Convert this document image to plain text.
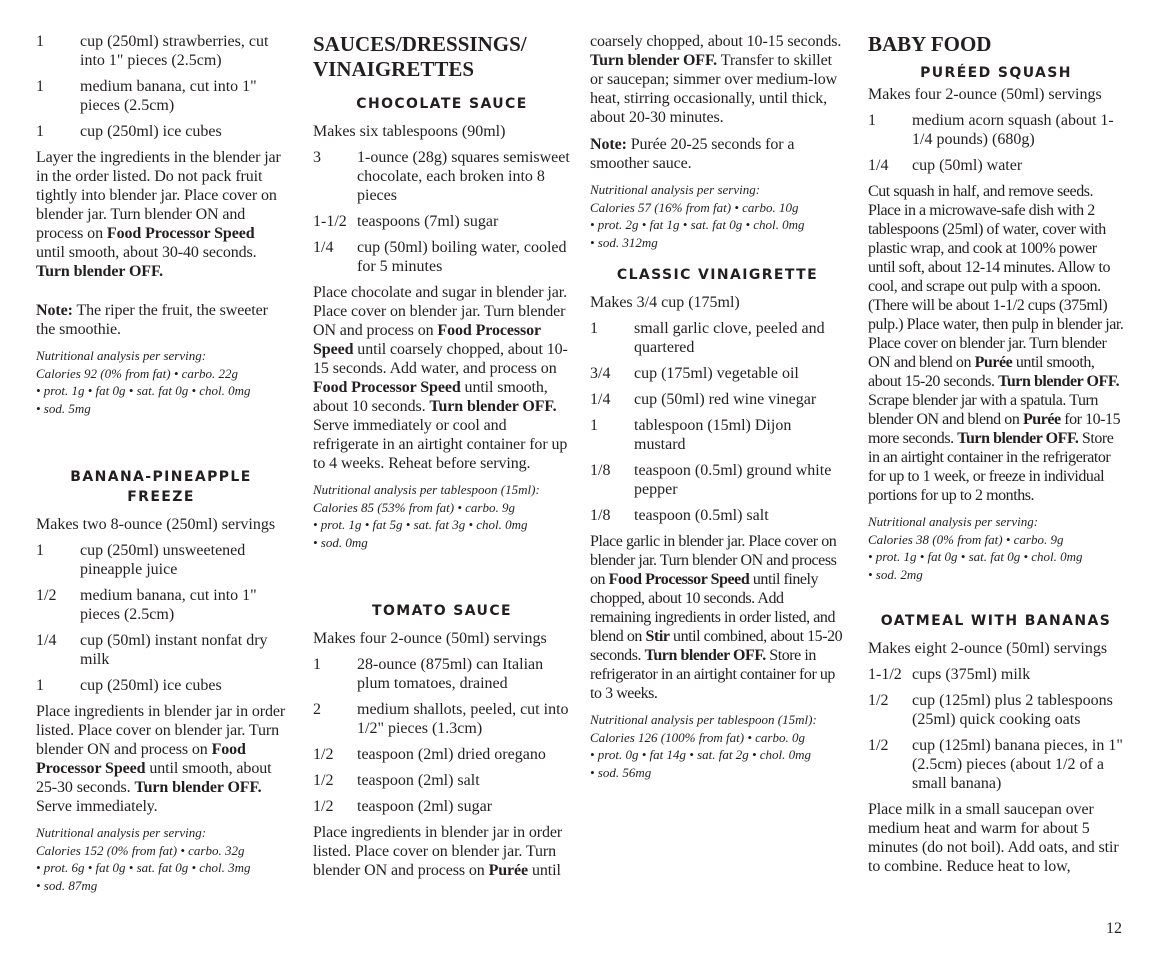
1	cup (250ml) strawberries, cut into 1" pieces (2.5cm)
1	medium banana, cut into 1" pieces (2.5cm)
1	cup (250ml) ice cubes

Layer the ingredients in the blender jar in the order listed. Do not pack fruit tightly into blender jar. Place cover on blender jar. Turn blender ON and process on Food Processor Speed until smooth, about 30-40 seconds. Turn blender OFF.

Note: The riper the fruit, the sweeter the smoothie.

Nutritional analysis per serving:
Calories 92 (0% from fat) • carbo. 22g
• prot. 1g • fat 0g • sat. fat 0g • chol. 0mg
• sod. 5mg
BANANA-PINEAPPLE FREEZE

Makes two 8-ounce (250ml) servings

1	cup (250ml) unsweetened pineapple juice
1/2	medium banana, cut into 1" pieces (2.5cm)
1/4	cup (50ml) instant nonfat dry milk
1	cup (250ml) ice cubes

Place ingredients in blender jar in order listed. Place cover on blender jar. Turn blender ON and process on Food Processor Speed until smooth, about 25-30 seconds. Turn blender OFF. Serve immediately.

Nutritional analysis per serving:
Calories 152 (0% from fat) • carbo. 32g
• prot. 6g • fat 0g • sat. fat 0g • chol. 3mg
• sod. 87mg
SAUCES/DRESSINGS/ VINAIGRETTES
CHOCOLATE SAUCE

Makes six tablespoons (90ml)

3	1-ounce (28g) squares semisweet chocolate, each broken into 8 pieces
1-1/2 teaspoons (7ml) sugar
1/4	cup (50ml) boiling water, cooled for 5 minutes

Place chocolate and sugar in blender jar. Place cover on blender jar. Turn blender ON and process on Food Processor Speed until coarsely chopped, about 10-15 seconds. Add water, and process on Food Processor Speed until smooth, about 10 seconds. Turn blender OFF. Serve immediately or cool and refrigerate in an airtight container for up to 4 weeks. Reheat before serving.

Nutritional analysis per tablespoon (15ml):
Calories 85 (53% from fat) • carbo. 9g
• prot. 1g • fat 5g • sat. fat 3g • chol. 0mg
• sod. 0mg
TOMATO SAUCE

Makes four 2-ounce (50ml) servings

1	28-ounce (875ml) can Italian plum tomatoes, drained
2	medium shallots, peeled, cut into 1/2" pieces (1.3cm)
1/2	teaspoon (2ml) dried oregano
1/2	teaspoon (2ml) salt
1/2	teaspoon (2ml) sugar

Place ingredients in blender jar in order listed. Place cover on blender jar. Turn blender ON and process on Purée until

coarsely chopped, about 10-15 seconds. Turn blender OFF. Transfer to skillet or saucepan; simmer over medium-low heat, stirring occasionally, until thick, about 20-30 minutes.

Note: Purée 20-25 seconds for a smoother sauce.

Nutritional analysis per serving:
Calories 57 (16% from fat) • carbo. 10g
• prot. 2g • fat 1g • sat. fat 0g • chol. 0mg
• sod. 312mg
CLASSIC VINAIGRETTE

Makes 3/4 cup (175ml)

1	small garlic clove, peeled and quartered
3/4	cup (175ml) vegetable oil
1/4	cup (50ml) red wine vinegar
1	tablespoon (15ml) Dijon mustard
1/8	teaspoon (0.5ml) ground white pepper
1/8	teaspoon (0.5ml) salt

Place garlic in blender jar. Place cover on blender jar. Turn blender ON and process on Food Processor Speed until finely chopped, about 10 seconds. Add remaining ingredients in order listed, and blend on Stir until combined, about 15-20 seconds. Turn blender OFF. Store in refrigerator in an airtight container for up to 3 weeks.

Nutritional analysis per tablespoon (15ml):
Calories 126 (100% from fat) • carbo. 0g
• prot. 0g • fat 14g • sat. fat 2g • chol. 0mg
• sod. 56mg
BABY FOOD
PURÉED SQUASH

Makes four 2-ounce (50ml) servings

1	medium acorn squash (about 1-1/4 pounds) (680g)
1/4	cup (50ml) water

Cut squash in half, and remove seeds. Place in a microwave-safe dish with 2 tablespoons (25ml) of water, cover with plastic wrap, and cook at 100% power until soft, about 12-14 minutes. Allow to cool, and scrape out pulp with a spoon. (There will be about 1-1/2 cups (375ml) pulp.) Place water, then pulp in blender jar. Place cover on blender jar. Turn blender ON and blend on Purée until smooth, about 15-20 seconds. Turn blender OFF. Scrape blender jar with a spatula. Turn blender ON and blend on Purée for 10-15 more seconds. Turn blender OFF. Store in an airtight container in the refrigerator for up to 1 week, or freeze in individual portions for up to 2 months.

Nutritional analysis per serving:
Calories 38 (0% from fat) • carbo. 9g
• prot. 1g • fat 0g • sat. fat 0g • chol. 0mg
• sod. 2mg
OATMEAL WITH BANANAS

Makes eight 2-ounce (50ml) servings

1-1/2 cups (375ml) milk
1/2	cup (125ml) plus 2 tablespoons (25ml) quick cooking oats
1/2	cup (125ml) banana pieces, in 1" (2.5cm) pieces (about 1/2 of a small banana)

Place milk in a small saucepan over medium heat and warm for about 5 minutes (do not boil). Add oats, and stir to combine. Reduce heat to low,

12
